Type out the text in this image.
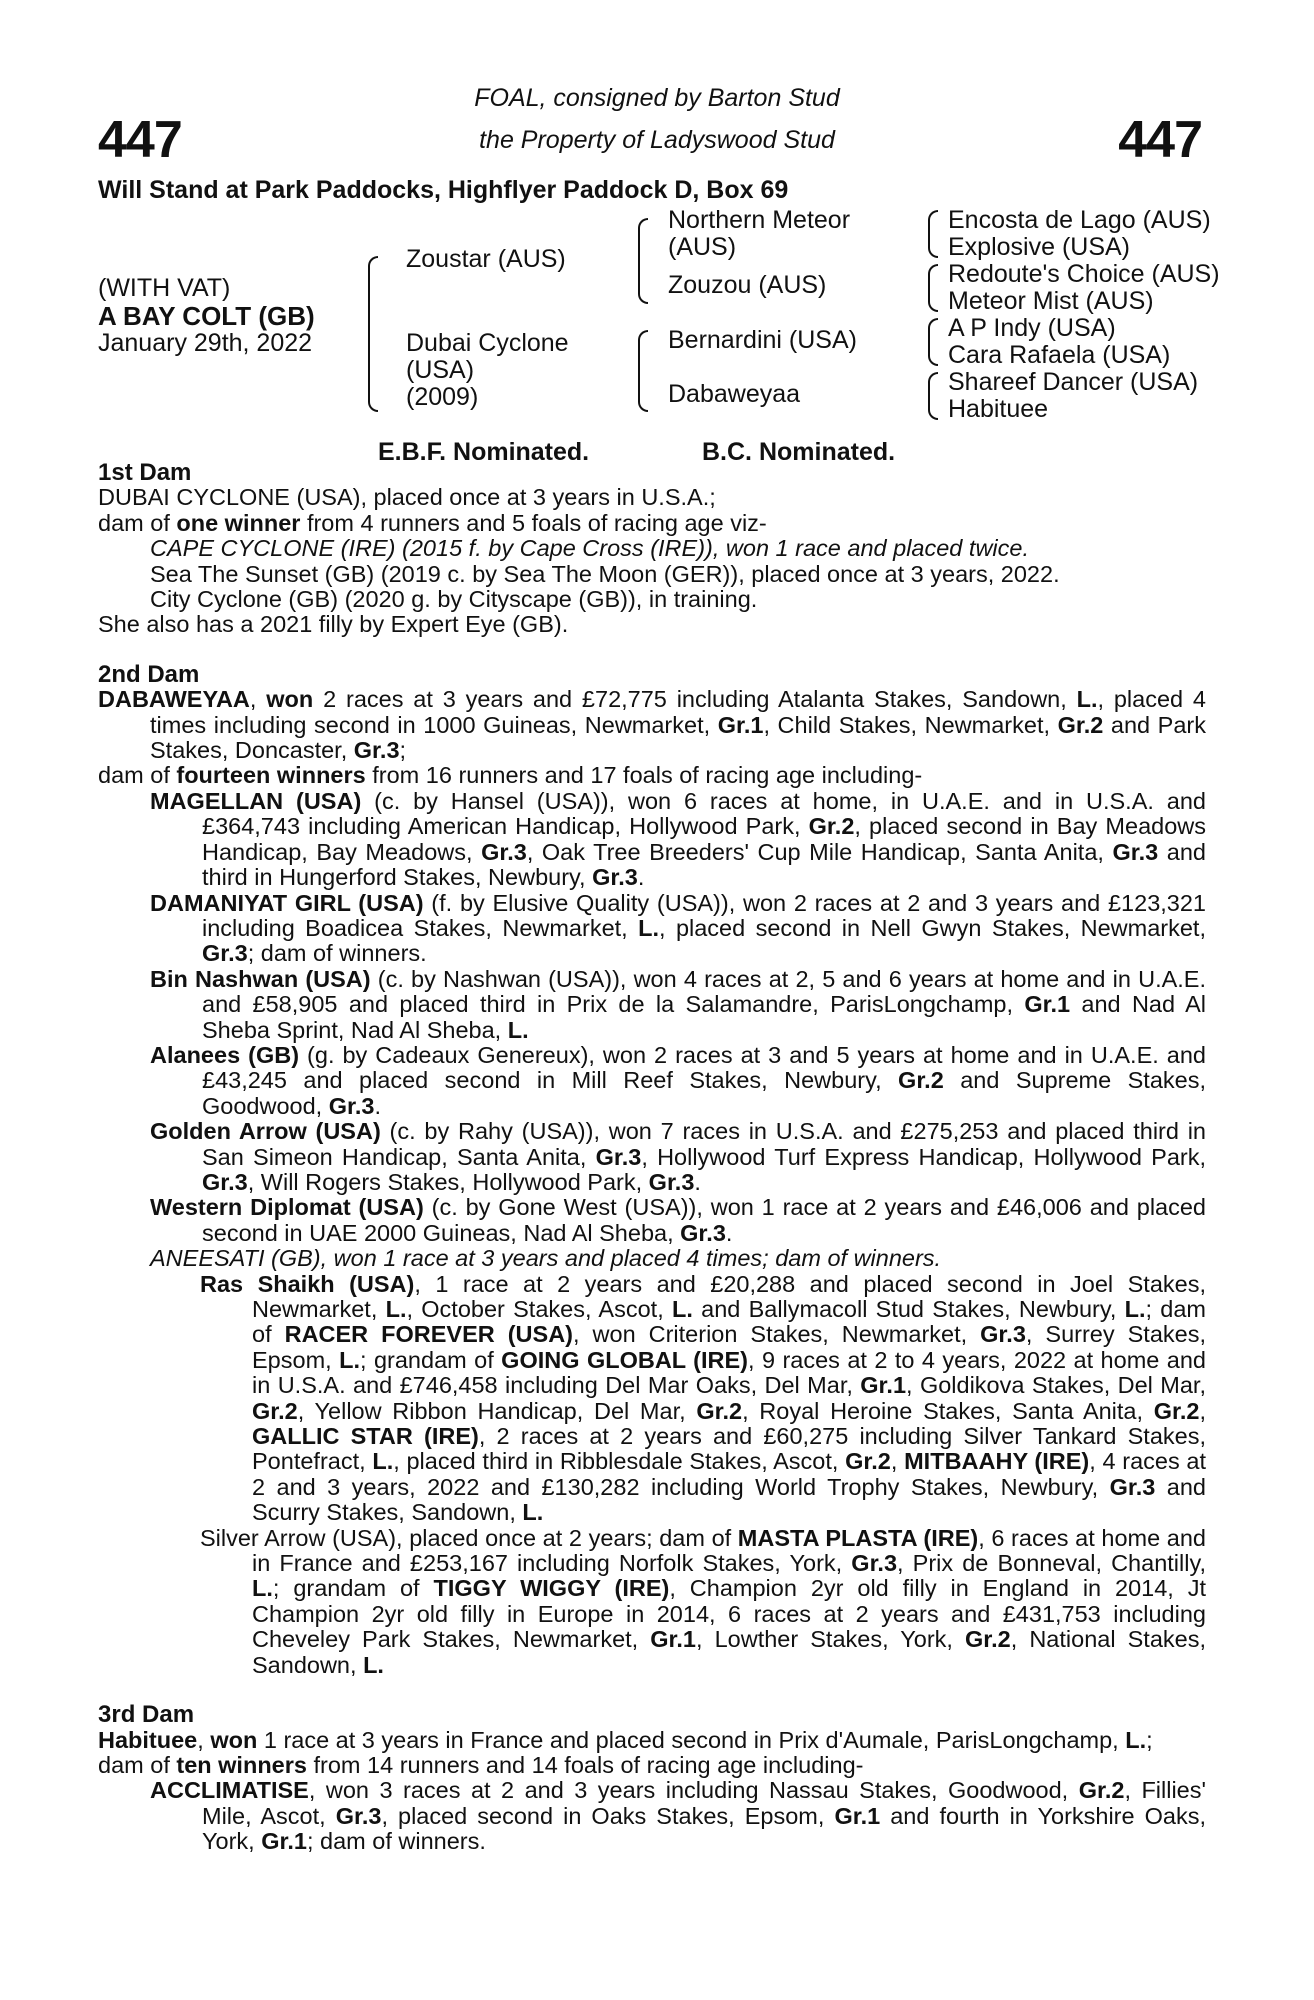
447	447
FOAL, consigned by Barton Stud
the Property of Ladyswood Stud
Will Stand at Park Paddocks, Highflyer Paddock D, Box 69
(WITH VAT)
A BAY COLT (GB)
January 29th, 2022
Zoustar (AUS)
Dubai Cyclone
(USA)
(2009)
Northern Meteor
(AUS)
Zouzou (AUS)
Bernardini (USA)
Dabaweyaa
Encosta de Lago (AUS)
Explosive (USA)
Redoute's Choice (AUS)
Meteor Mist (AUS)
A P Indy (USA)
Cara Rafaela (USA)
Shareef Dancer (USA)
Habituee
E.B.F. Nominated.	B.C. Nominated.

1st Dam

DUBAI CYCLONE (USA), placed once at 3 years in U.S.A.;

dam of one winner from 4 runners and 5 foals of racing age viz-

CAPE CYCLONE (IRE) (2015 f. by Cape Cross (IRE)), won 1 race and placed twice.

Sea The Sunset (GB) (2019 c. by Sea The Moon (GER)), placed once at 3 years, 2022.

City Cyclone (GB) (2020 g. by Cityscape (GB)), in training.

She also has a 2021 filly by Expert Eye (GB).

2nd Dam

DABAWEYAA, won 2 races at 3 years and £72,775 including Atalanta Stakes, Sandown, L., placed 4 times including second in 1000 Guineas, Newmarket, Gr.1, Child Stakes, Newmarket, Gr.2 and Park Stakes, Doncaster, Gr.3;

dam of fourteen winners from 16 runners and 17 foals of racing age including-

MAGELLAN (USA) (c. by Hansel (USA)), won 6 races at home, in U.A.E. and in U.S.A. and £364,743 including American Handicap, Hollywood Park, Gr.2, placed second in Bay Meadows Handicap, Bay Meadows, Gr.3, Oak Tree Breeders' Cup Mile Handicap, Santa Anita, Gr.3 and third in Hungerford Stakes, Newbury, Gr.3.

DAMANIYAT GIRL (USA) (f. by Elusive Quality (USA)), won 2 races at 2 and 3 years and £123,321 including Boadicea Stakes, Newmarket, L., placed second in Nell Gwyn Stakes, Newmarket, Gr.3; dam of winners.

Bin Nashwan (USA) (c. by Nashwan (USA)), won 4 races at 2, 5 and 6 years at home and in U.A.E. and £58,905 and placed third in Prix de la Salamandre, ParisLongchamp, Gr.1 and Nad Al Sheba Sprint, Nad Al Sheba, L.

Alanees (GB) (g. by Cadeaux Genereux), won 2 races at 3 and 5 years at home and in U.A.E. and £43,245 and placed second in Mill Reef Stakes, Newbury, Gr.2 and Supreme Stakes, Goodwood, Gr.3.

Golden Arrow (USA) (c. by Rahy (USA)), won 7 races in U.S.A. and £275,253 and placed third in San Simeon Handicap, Santa Anita, Gr.3, Hollywood Turf Express Handicap, Hollywood Park, Gr.3, Will Rogers Stakes, Hollywood Park, Gr.3.

Western Diplomat (USA) (c. by Gone West (USA)), won 1 race at 2 years and £46,006 and placed second in UAE 2000 Guineas, Nad Al Sheba, Gr.3.

ANEESATI (GB), won 1 race at 3 years and placed 4 times; dam of winners.

Ras Shaikh (USA), 1 race at 2 years and £20,288 and placed second in Joel Stakes, Newmarket, L., October Stakes, Ascot, L. and Ballymacoll Stud Stakes, Newbury, L.; dam of RACER FOREVER (USA), won Criterion Stakes, Newmarket, Gr.3, Surrey Stakes, Epsom, L.; grandam of GOING GLOBAL (IRE), 9 races at 2 to 4 years, 2022 at home and in U.S.A. and £746,458 including Del Mar Oaks, Del Mar, Gr.1, Goldikova Stakes, Del Mar, Gr.2, Yellow Ribbon Handicap, Del Mar, Gr.2, Royal Heroine Stakes, Santa Anita, Gr.2, GALLIC STAR (IRE), 2 races at 2 years and £60,275 including Silver Tankard Stakes, Pontefract, L., placed third in Ribblesdale Stakes, Ascot, Gr.2, MITBAAHY (IRE), 4 races at 2 and 3 years, 2022 and £130,282 including World Trophy Stakes, Newbury, Gr.3 and Scurry Stakes, Sandown, L.

Silver Arrow (USA), placed once at 2 years; dam of MASTA PLASTA (IRE), 6 races at home and in France and £253,167 including Norfolk Stakes, York, Gr.3, Prix de Bonneval, Chantilly, L.; grandam of TIGGY WIGGY (IRE), Champion 2yr old filly in England in 2014, Jt Champion 2yr old filly in Europe in 2014, 6 races at 2 years and £431,753 including Cheveley Park Stakes, Newmarket, Gr.1, Lowther Stakes, York, Gr.2, National Stakes, Sandown, L.

3rd Dam

Habituee, won 1 race at 3 years in France and placed second in Prix d'Aumale, ParisLongchamp, L.;

dam of ten winners from 14 runners and 14 foals of racing age including-

ACCLIMATISE, won 3 races at 2 and 3 years including Nassau Stakes, Goodwood, Gr.2, Fillies' Mile, Ascot, Gr.3, placed second in Oaks Stakes, Epsom, Gr.1 and fourth in Yorkshire Oaks, York, Gr.1; dam of winners.
